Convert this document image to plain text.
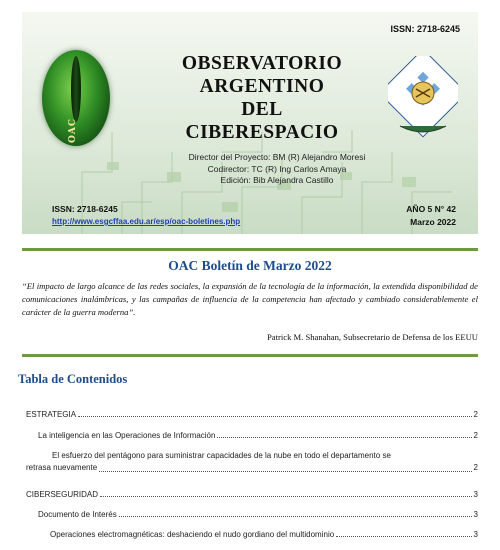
OAC
ISSN: 2718-6245
OBSERVATORIO ARGENTINO
DEL
CIBERESPACIO
Director del Proyecto: BM (R) Alejandro Moresi
Codirector: TC (R) Ing Carlos Amaya
Edición: Bib Alejandra Castillo
ISSN: 2718-6245
http://www.esgcffaa.edu.ar/esp/oac-boletines.php
AÑO 5 N° 42
Marzo 2022
OAC Boletín de Marzo 2022
“El impacto de largo alcance de las redes sociales, la expansión de la tecnología de la información, la extendida disponibilidad de comunicaciones inalámbricas, y las campañas de influencia de la competencia han afectado y cambiado considerablemente el carácter de la guerra moderna”.
Patrick M. Shanahan, Subsecretario de Defensa de los EEUU
Tabla de Contenidos
ESTRATEGIA	2
La inteligencia en las Operaciones de Información	2
El esfuerzo del pentágono para suministrar capacidades de la nube en todo el departamento se
retrasa nuevamente	2
CIBERSEGURIDAD	3
Documento de Interés	3
Operaciones electromagnéticas: deshaciendo el nudo gordiano del multidominio	3
